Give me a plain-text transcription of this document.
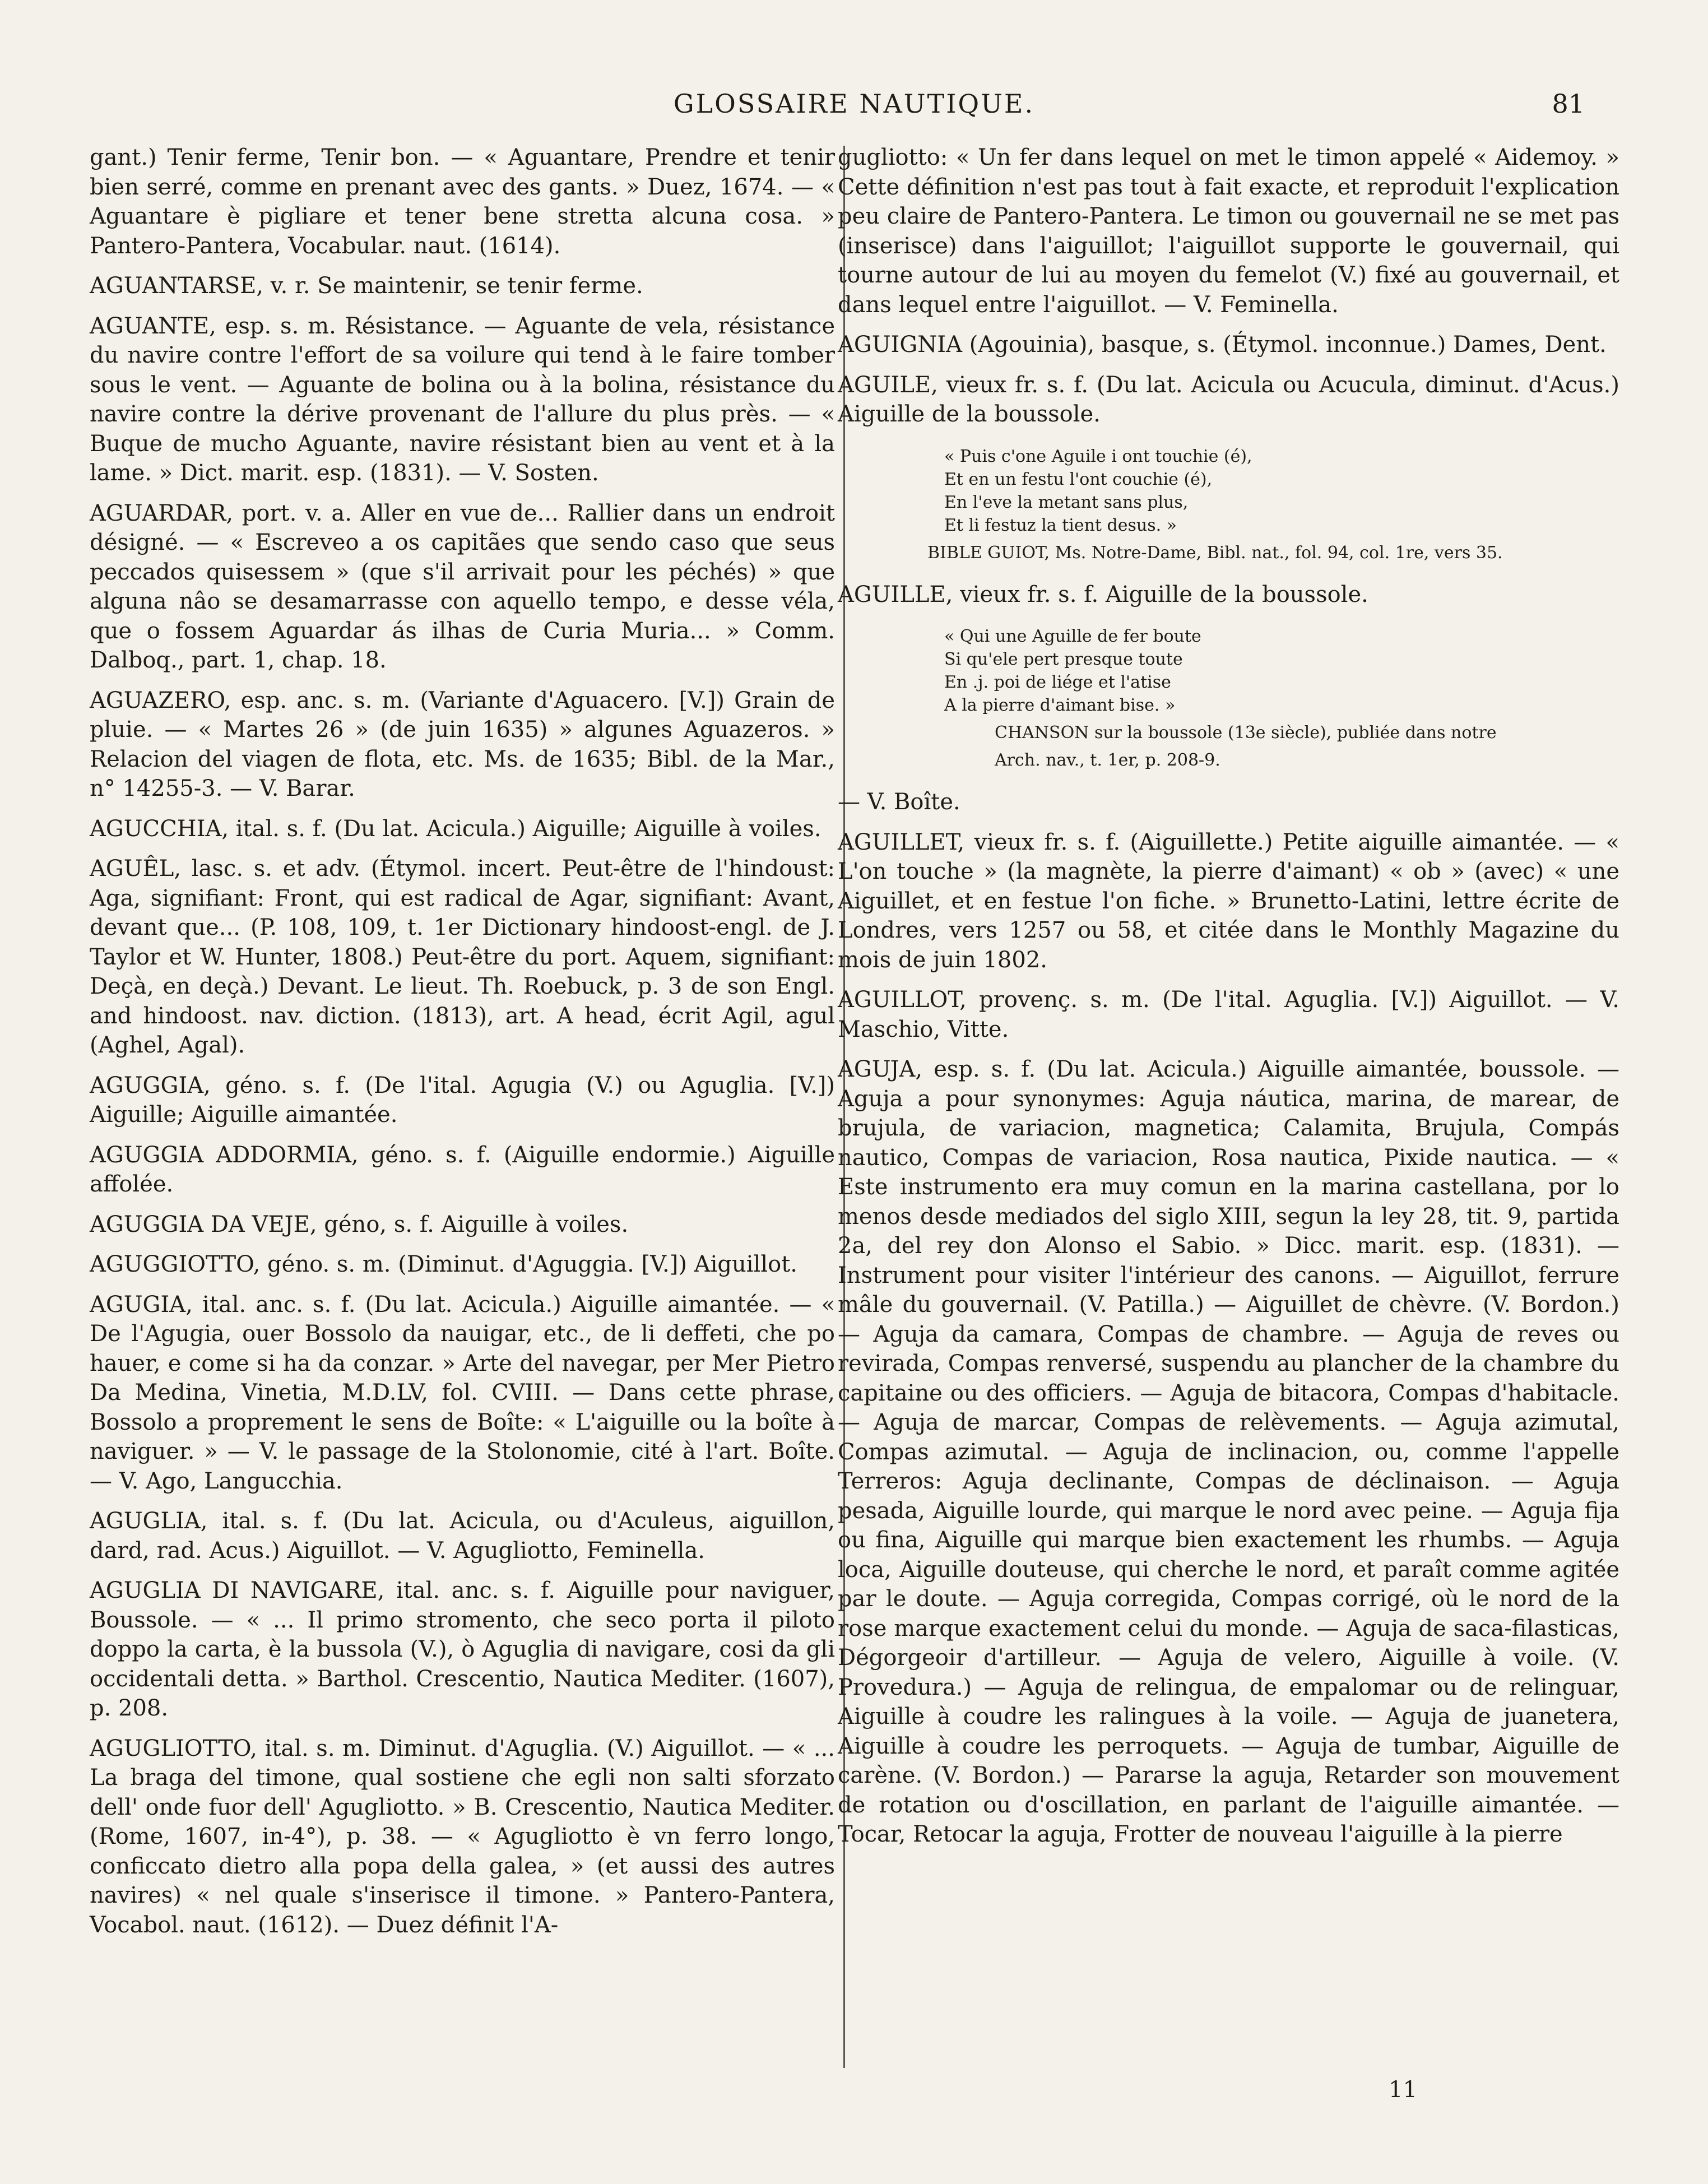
GLOSSAIRE NAUTIQUE.	81

gant.) Tenir ferme, Tenir bon. — « Aguantare, Prendre et tenir bien serré, comme en prenant avec des gants. » Duez, 1674. — « Aguantare è pigliare et tener bene stretta alcuna cosa. » Pantero-Pantera, Vocabular. naut. (1614).

AGUANTARSE, v. r. Se maintenir, se tenir ferme.

AGUANTE, esp. s. m. Résistance. — Aguante de vela, résistance du navire contre l'effort de sa voilure qui tend à le faire tomber sous le vent. — Aguante de bolina ou à la bolina, résistance du navire contre la dérive provenant de l'allure du plus près. — « Buque de mucho Aguante, navire résistant bien au vent et à la lame. » Dict. marit. esp. (1831). — V. Sosten.

AGUARDAR, port. v. a. Aller en vue de... Rallier dans un endroit désigné. — « Escreveo a os capitães que sendo caso que seus peccados quisessem » (que s'il arrivait pour les péchés) » que alguna nâo se desamarrasse con aquello tempo, e desse véla, que o fossem Aguardar ás ilhas de Curia Muria... » Comm. Dalboq., part. 1, chap. 18.

AGUAZERO, esp. anc. s. m. (Variante d'Aguacero. [V.]) Grain de pluie. — « Martes 26 » (de juin 1635) » algunes Aguazeros. » Relacion del viagen de flota, etc. Ms. de 1635; Bibl. de la Mar., n° 14255-3. — V. Barar.

AGUCCHIA, ital. s. f. (Du lat. Acicula.) Aiguille; Aiguille à voiles.

AGUÊL, lasc. s. et adv. (Étymol. incert. Peut-être de l'hindoust: Aga, signifiant: Front, qui est radical de Agar, signifiant: Avant, devant que... (P. 108, 109, t. 1er Dictionary hindoost-engl. de J. Taylor et W. Hunter, 1808.) Peut-être du port. Aquem, signifiant: Deçà, en deçà.) Devant. Le lieut. Th. Roebuck, p. 3 de son Engl. and hindoost. nav. diction. (1813), art. A head, écrit Agil, agul (Aghel, Agal).

AGUGGIA, géno. s. f. (De l'ital. Agugia (V.) ou Aguglia. [V.]) Aiguille; Aiguille aimantée.

AGUGGIA ADDORMIA, géno. s. f. (Aiguille endormie.) Aiguille affolée.

AGUGGIA DA VEJE, géno, s. f. Aiguille à voiles.

AGUGGIOTTO, géno. s. m. (Diminut. d'Aguggia. [V.]) Aiguillot.

AGUGIA, ital. anc. s. f. (Du lat. Acicula.) Aiguille aimantée. — « De l'Agugia, ouer Bossolo da nauigar, etc., de li deffeti, che po hauer, e come si ha da conzar. » Arte del navegar, per Mer Pietro Da Medina, Vinetia, M.D.LV, fol. CVIII. — Dans cette phrase, Bossolo a proprement le sens de Boîte: « L'aiguille ou la boîte à naviguer. » — V. le passage de la Stolonomie, cité à l'art. Boîte. — V. Ago, Langucchia.

AGUGLIA, ital. s. f. (Du lat. Acicula, ou d'Aculeus, aiguillon, dard, rad. Acus.) Aiguillot. — V. Agugliotto, Feminella.

AGUGLIA DI NAVIGARE, ital. anc. s. f. Aiguille pour naviguer, Boussole. — « ... Il primo stromento, che seco porta il piloto doppo la carta, è la bussola (V.), ò Aguglia di navigare, cosi da gli occidentali detta. » Barthol. Crescentio, Nautica Mediter. (1607), p. 208.

AGUGLIOTTO, ital. s. m. Diminut. d'Aguglia. (V.) Aiguillot. — « ... La braga del timone, qual sostiene che egli non salti sforzato dell' onde fuor dell' Agugliotto. » B. Crescentio, Nautica Mediter. (Rome, 1607, in-4°), p. 38. — « Agugliotto è vn ferro longo, conficcato dietro alla popa della galea, » (et aussi des autres navires) « nel quale s'inserisce il timone. » Pantero-Pantera, Vocabol. naut. (1612). — Duez définit l'A-

gugliotto: « Un fer dans lequel on met le timon appelé « Aidemoy. » Cette définition n'est pas tout à fait exacte, et reproduit l'explication peu claire de Pantero-Pantera. Le timon ou gouvernail ne se met pas (inserisce) dans l'aiguillot; l'aiguillot supporte le gouvernail, qui tourne autour de lui au moyen du femelot (V.) fixé au gouvernail, et dans lequel entre l'aiguillot. — V. Feminella.

AGUIGNIA (Agouinia), basque, s. (Étymol. inconnue.) Dames, Dent.

AGUILE, vieux fr. s. f. (Du lat. Acicula ou Acucula, diminut. d'Acus.) Aiguille de la boussole.

« Puis c'one Aguile i ont touchie (é),
Et en un festu l'ont couchie (é),
En l'eve la metant sans plus,
Et li festuz la tient desus. »
BIBLE GUIOT, Ms. Notre-Dame, Bibl. nat., fol. 94, col. 1re, vers 35.

AGUILLE, vieux fr. s. f. Aiguille de la boussole.

« Qui une Aguille de fer boute
Si qu'ele pert presque toute
En .j. poi de liége et l'atise
A la pierre d'aimant bise. »
CHANSON sur la boussole (13e siècle), publiée dans notre
Arch. nav., t. 1er, p. 208-9.

— V. Boîte.

AGUILLET, vieux fr. s. f. (Aiguillette.) Petite aiguille aimantée. — « L'on touche » (la magnète, la pierre d'aimant) « ob » (avec) « une Aiguillet, et en festue l'on fiche. » Brunetto-Latini, lettre écrite de Londres, vers 1257 ou 58, et citée dans le Monthly Magazine du mois de juin 1802.

AGUILLOT, provenç. s. m. (De l'ital. Aguglia. [V.]) Aiguillot. — V. Maschio, Vitte.

AGUJA, esp. s. f. (Du lat. Acicula.) Aiguille aimantée, boussole. — Aguja a pour synonymes: Aguja náutica, marina, de marear, de brujula, de variacion, magnetica; Calamita, Brujula, Compás nautico, Compas de variacion, Rosa nautica, Pixide nautica. — « Este instrumento era muy comun en la marina castellana, por lo menos desde mediados del siglo XIII, segun la ley 28, tit. 9, partida 2a, del rey don Alonso el Sabio. » Dicc. marit. esp. (1831). — Instrument pour visiter l'intérieur des canons. — Aiguillot, ferrure mâle du gouvernail. (V. Patilla.) — Aiguillet de chèvre. (V. Bordon.) — Aguja da camara, Compas de chambre. — Aguja de reves ou revirada, Compas renversé, suspendu au plancher de la chambre du capitaine ou des officiers. — Aguja de bitacora, Compas d'habitacle. — Aguja de marcar, Compas de relèvements. — Aguja azimutal, Compas azimutal. — Aguja de inclinacion, ou, comme l'appelle Terreros: Aguja declinante, Compas de déclinaison. — Aguja pesada, Aiguille lourde, qui marque le nord avec peine. — Aguja fija ou fina, Aiguille qui marque bien exactement les rhumbs. — Aguja loca, Aiguille douteuse, qui cherche le nord, et paraît comme agitée par le doute. — Aguja corregida, Compas corrigé, où le nord de la rose marque exactement celui du monde. — Aguja de saca-filasticas, Dégorgeoir d'artilleur. — Aguja de velero, Aiguille à voile. (V. Provedura.) — Aguja de relingua, de empalomar ou de relinguar, Aiguille à coudre les ralingues à la voile. — Aguja de juanetera, Aiguille à coudre les perroquets. — Aguja de tumbar, Aiguille de carène. (V. Bordon.) — Pararse la aguja, Retarder son mouvement de rotation ou d'oscillation, en parlant de l'aiguille aimantée. — Tocar, Retocar la aguja, Frotter de nouveau l'aiguille à la pierre

11
